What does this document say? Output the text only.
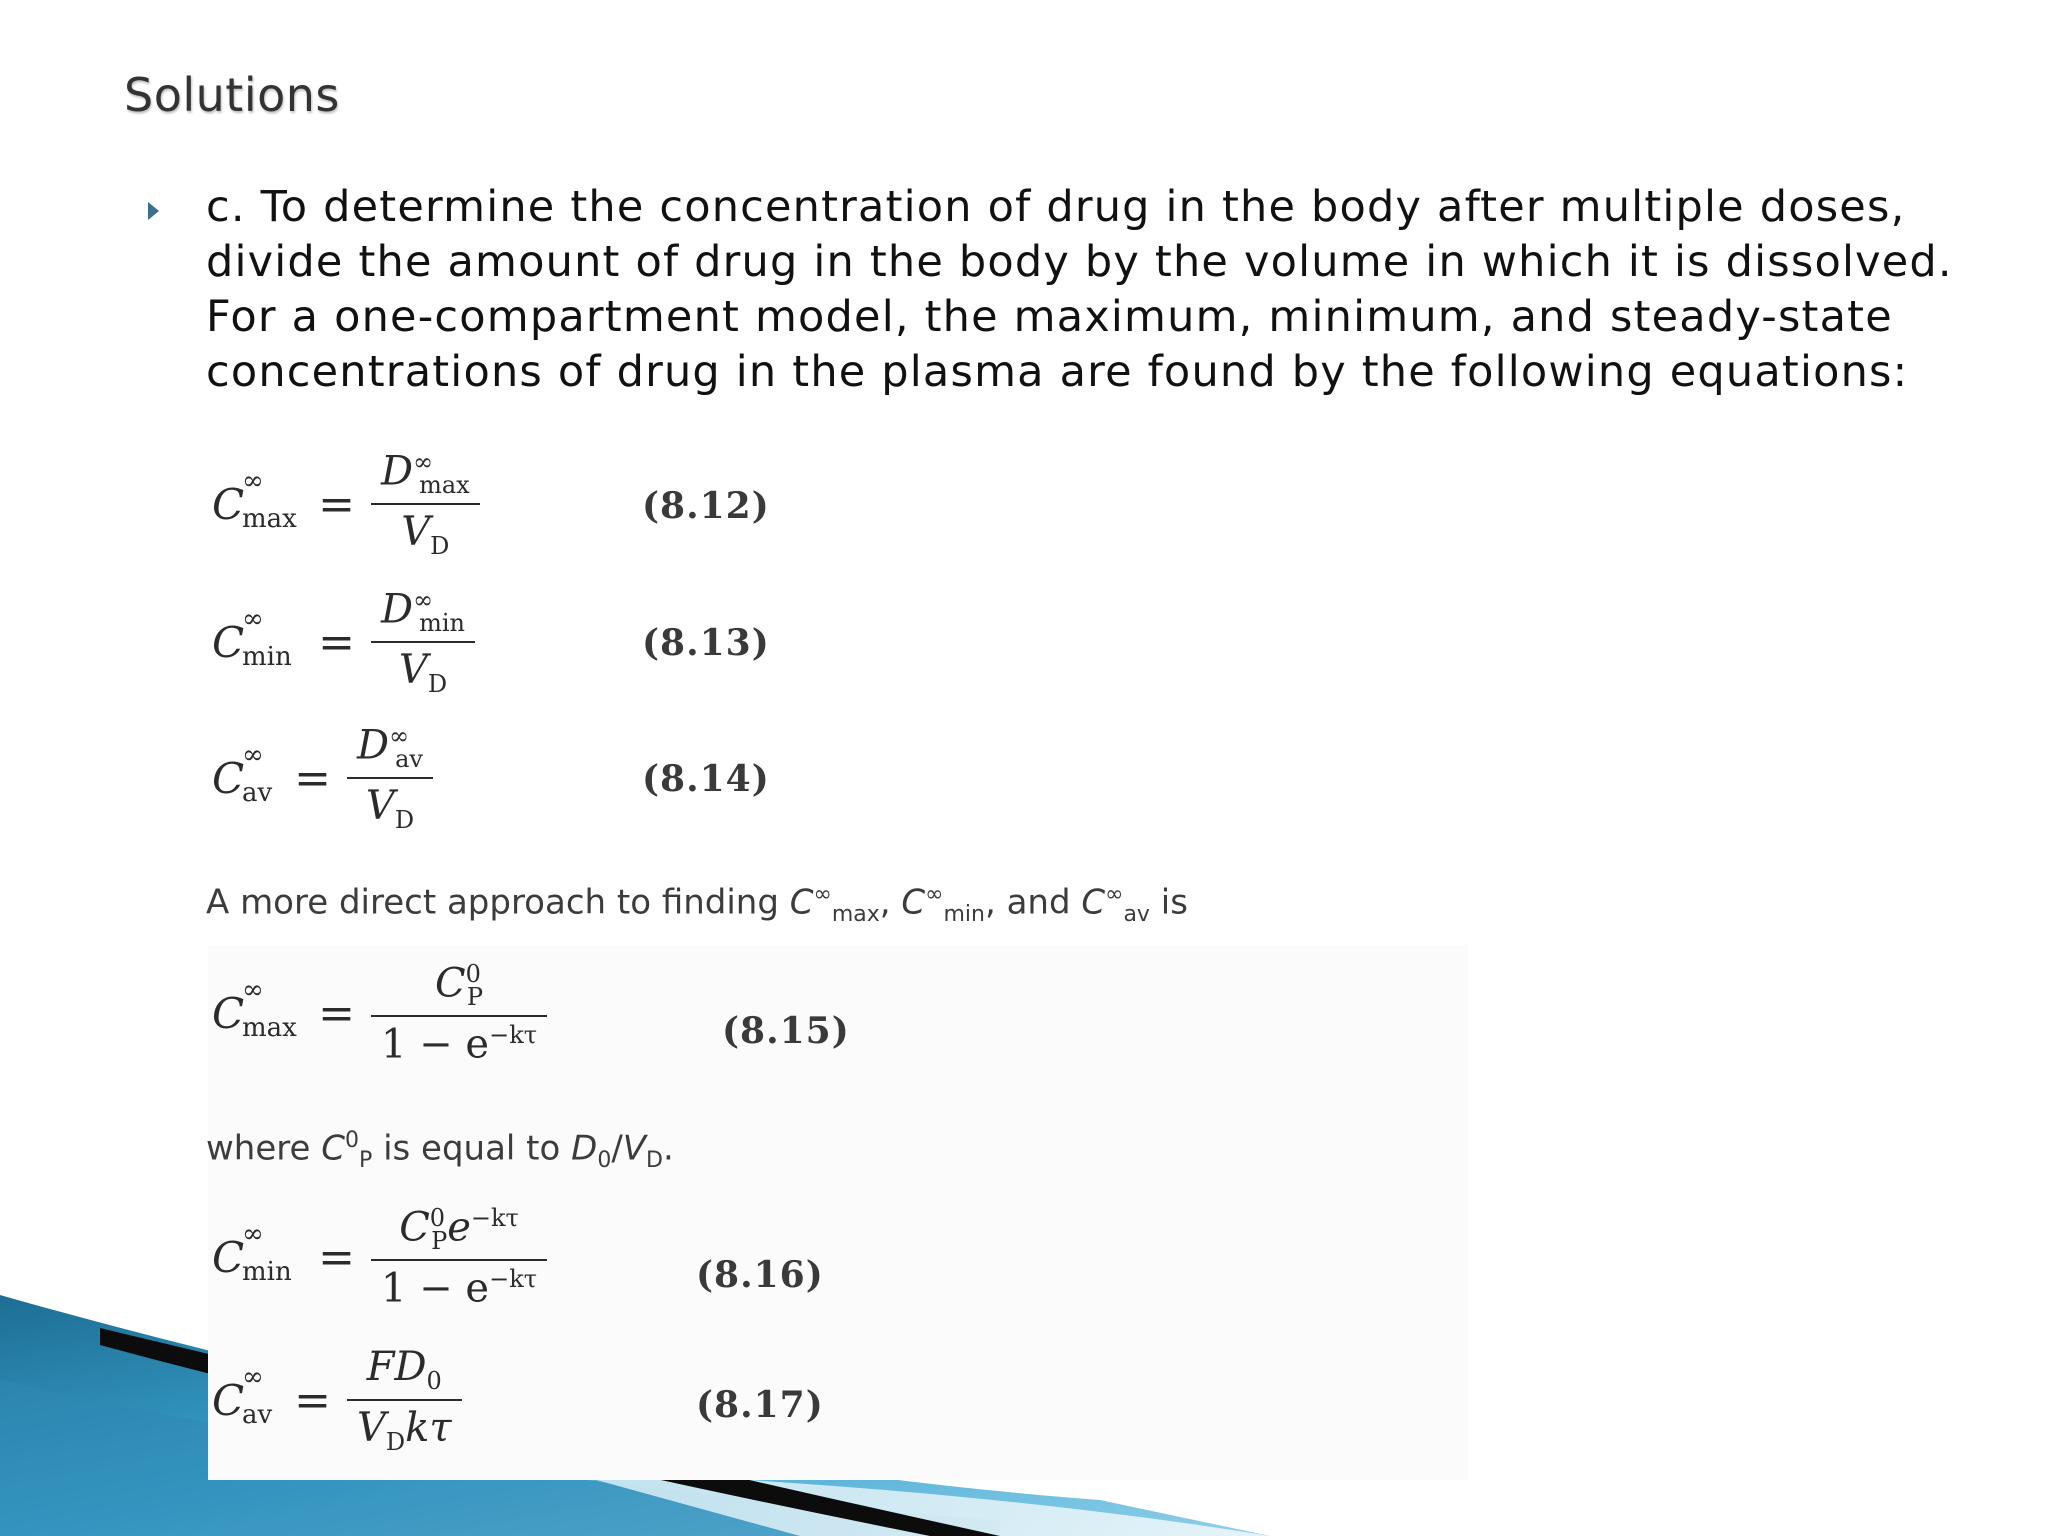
Solutions
c. To determine the concentration of drug in the body after multiple doses, divide the amount of drug in the body by the volume in which it is dissolved. For a one-compartment model, the maximum, minimum, and steady-state concentrations of drug in the plasma are found by the following equations:
C
∞
$\max = \frac{D^\infty_{max}}{V_D}$	(8.12)
C
∞
$\min = \frac{D^\infty_{min}}{V_D}$	(8.13)
C
∞
av = $\frac{D^\infty_{av}}{V_D}$	(8.14)
A more direct approach to finding $C^\infty_{max}$, $C^\infty_{min}$, and $C^\infty_{av}$ is
C
∞
$\max = \frac{C^0_P}{1 - e^{-k\tau}}$	(8.15)
where $C^0_P$ is equal to $D_0/V_D$.
C
∞
$\min = \frac{C^0_Pe^{-k\tau}}{1 - e^{-k\tau}}$	(8.16)
C
∞
av = $\frac{FD_0}{V_Dk\tau}$	(8.17)
